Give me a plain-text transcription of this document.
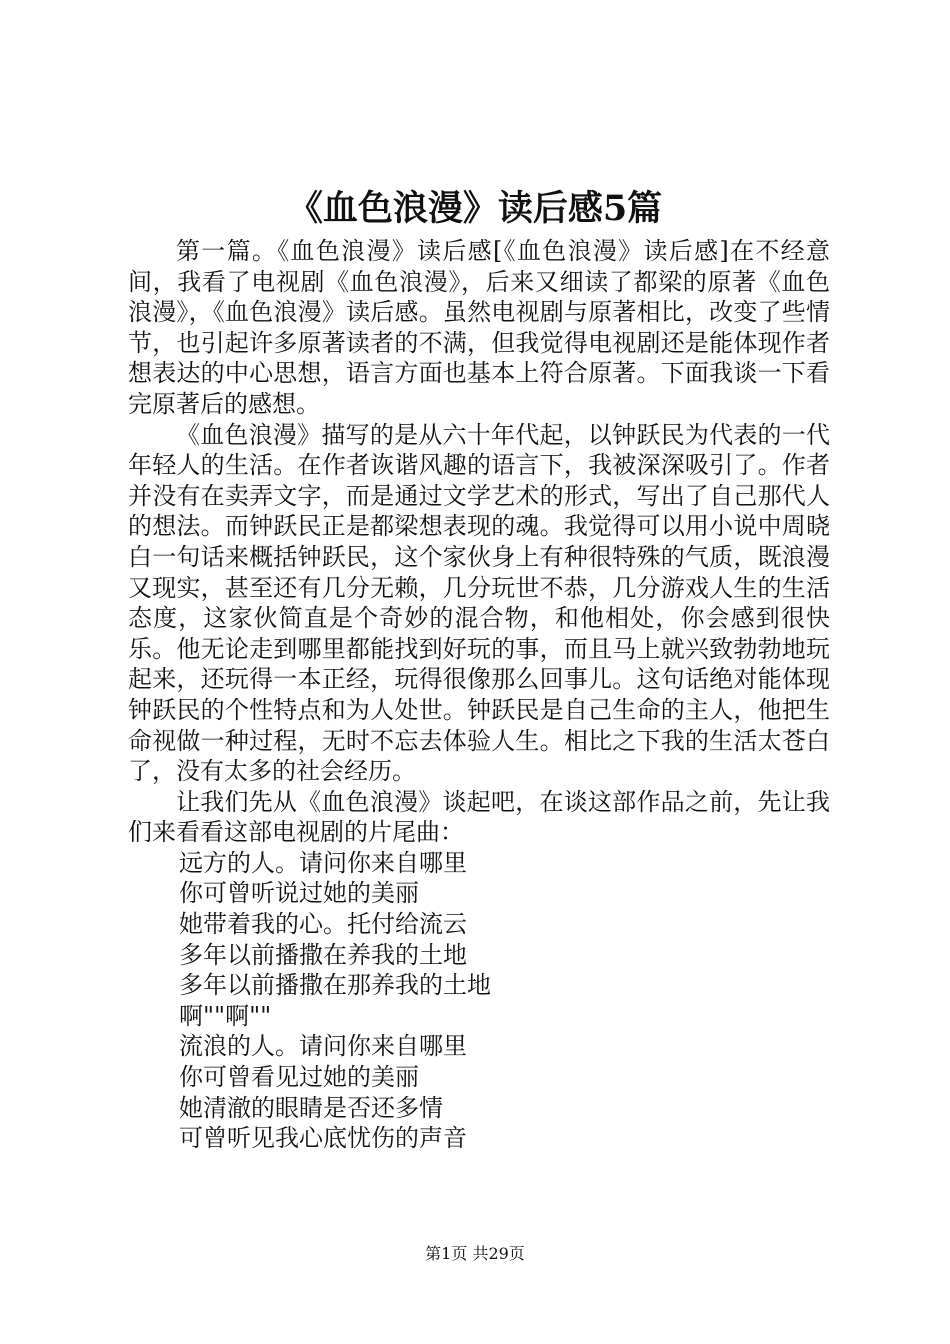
《血色浪漫》读后感5篇

第一篇。《血色浪漫》读后感[《血色浪漫》读后感]在不经意间，我看了电视剧《血色浪漫》，后来又细读了都梁的原著《血色浪漫》，《血色浪漫》读后感。虽然电视剧与原著相比，改变了些情节，也引起许多原著读者的不满，但我觉得电视剧还是能体现作者想表达的中心思想，语言方面也基本上符合原著。下面我谈一下看完原著后的感想。

《血色浪漫》描写的是从六十年代起，以钟跃民为代表的一代年轻人的生活。在作者诙谐风趣的语言下，我被深深吸引了。作者并没有在卖弄文字，而是通过文学艺术的形式，写出了自己那代人的想法。而钟跃民正是都梁想表现的魂。我觉得可以用小说中周晓白一句话来概括钟跃民，这个家伙身上有种很特殊的气质，既浪漫又现实，甚至还有几分无赖，几分玩世不恭，几分游戏人生的生活态度，这家伙简直是个奇妙的混合物，和他相处，你会感到很快乐。他无论走到哪里都能找到好玩的事，而且马上就兴致勃勃地玩起来，还玩得一本正经，玩得很像那么回事儿。这句话绝对能体现钟跃民的个性特点和为人处世。钟跃民是自己生命的主人，他把生命视做一种过程，无时不忘去体验人生。相比之下我的生活太苍白了，没有太多的社会经历。

让我们先从《血色浪漫》谈起吧，在谈这部作品之前，先让我们来看看这部电视剧的片尾曲：

远方的人。请问你来自哪里

你可曾听说过她的美丽

她带着我的心。托付给流云

多年以前播撒在养我的土地

多年以前播撒在那养我的土地

啊""啊""

流浪的人。请问你来自哪里

你可曾看见过她的美丽

她清澈的眼睛是否还多情

可曾听见我心底忧伤的声音

第1页 共29页
